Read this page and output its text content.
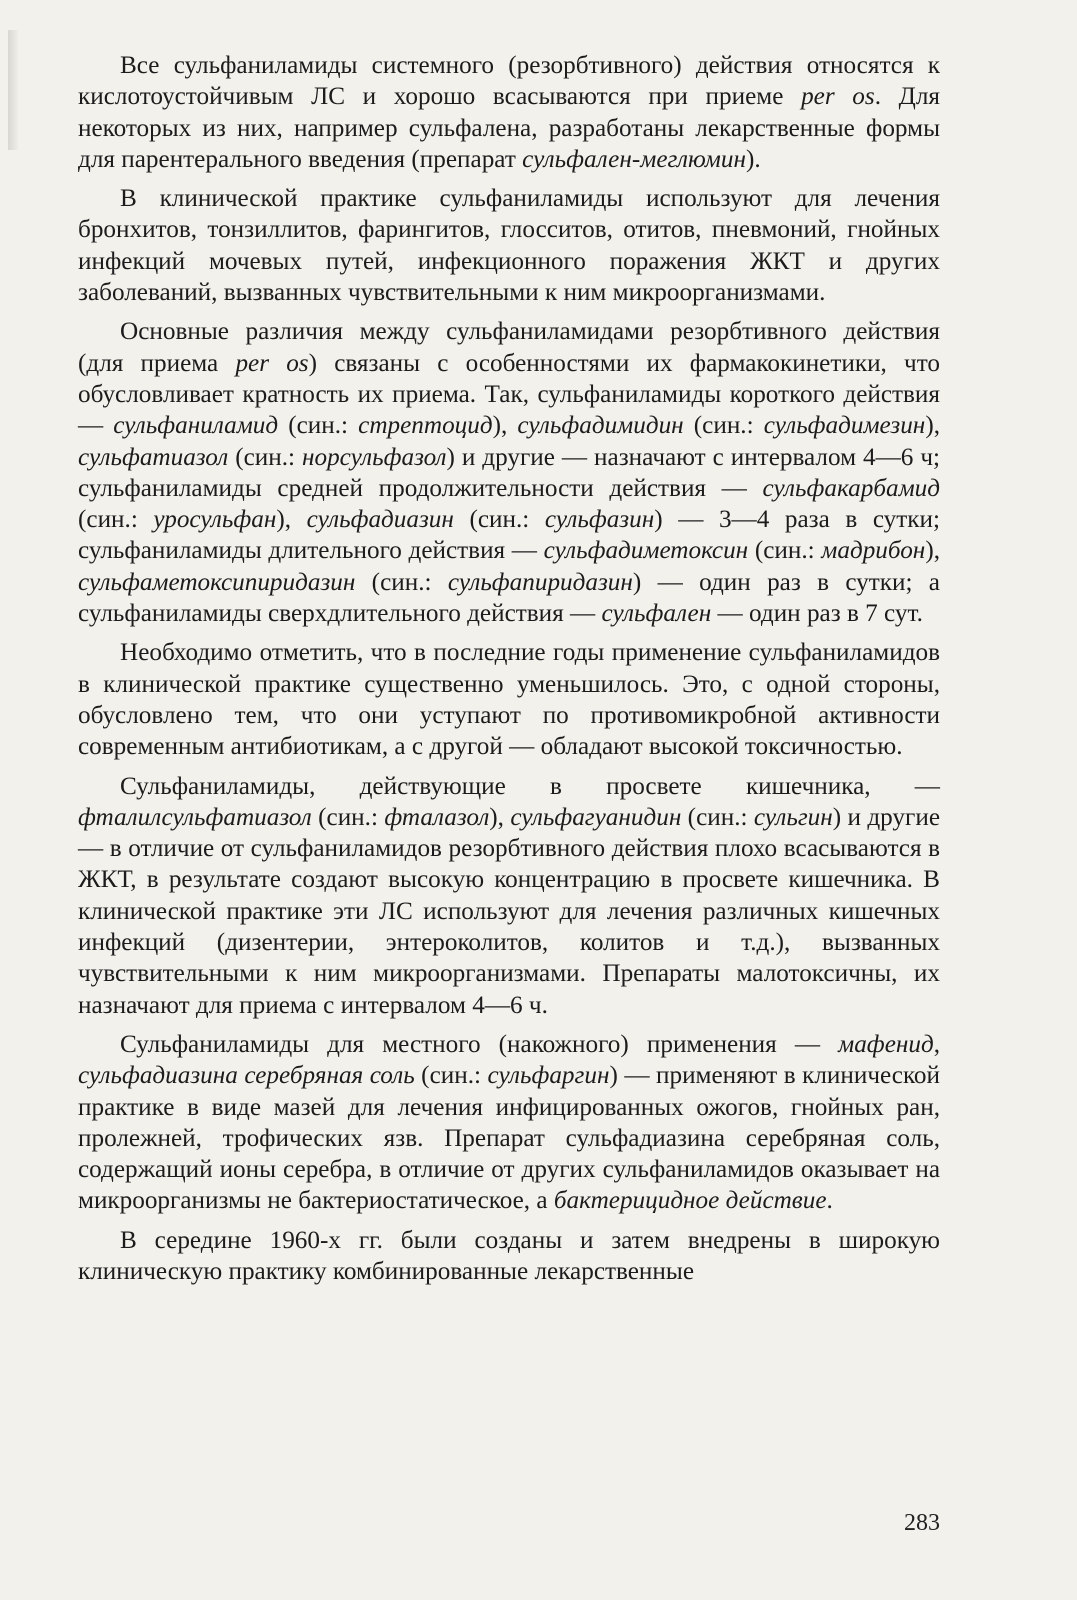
Все сульфаниламиды системного (резорбтивного) действия относятся к кислотоустойчивым ЛС и хорошо всасываются при приеме per os. Для некоторых из них, например сульфалена, разработаны лекарственные формы для парентерального введения (препарат сульфален-меглюмин).

В клинической практике сульфаниламиды используют для лечения бронхитов, тонзиллитов, фарингитов, глосситов, отитов, пневмоний, гнойных инфекций мочевых путей, инфекционного поражения ЖКТ и других заболеваний, вызванных чувствительными к ним микроорганизмами.

Основные различия между сульфаниламидами резорбтивного действия (для приема per os) связаны с особенностями их фармакокинетики, что обусловливает кратность их приема. Так, сульфаниламиды короткого действия — сульфаниламид (син.: стрептоцид), сульфадимидин (син.: сульфадимезин), сульфатиазол (син.: норсульфазол) и другие — назначают с интервалом 4—6 ч; сульфаниламиды средней продолжительности действия — сульфакарбамид (син.: уросульфан), сульфадиазин (син.: сульфазин) — 3—4 раза в сутки; сульфаниламиды длительного действия — сульфадиметоксин (син.: мадрибон), сульфаметоксипиридазин (син.: сульфапиридазин) — один раз в сутки; а сульфаниламиды сверхдлительного действия — сульфален — один раз в 7 сут.

Необходимо отметить, что в последние годы применение сульфаниламидов в клинической практике существенно уменьшилось. Это, с одной стороны, обусловлено тем, что они уступают по противомикробной активности современным антибиотикам, а с другой — обладают высокой токсичностью.

Сульфаниламиды, действующие в просвете кишечника, — фталилсульфатиазол (син.: фталазол), сульфагуанидин (син.: сульгин) и другие — в отличие от сульфаниламидов резорбтивного действия плохо всасываются в ЖКТ, в результате создают высокую концентрацию в просвете кишечника. В клинической практике эти ЛС используют для лечения различных кишечных инфекций (дизентерии, энтероколитов, колитов и т.д.), вызванных чувствительными к ним микроорганизмами. Препараты малотоксичны, их назначают для приема с интервалом 4—6 ч.

Сульфаниламиды для местного (накожного) применения — мафенид, сульфадиазина серебряная соль (син.: сульфаргин) — применяют в клинической практике в виде мазей для лечения инфицированных ожогов, гнойных ран, пролежней, трофических язв. Препарат сульфадиазина серебряная соль, содержащий ионы серебра, в отличие от других сульфаниламидов оказывает на микроорганизмы не бактериостатическое, а бактерицидное действие.

В середине 1960-х гг. были созданы и затем внедрены в широкую клиническую практику комбинированные лекарственные

283
